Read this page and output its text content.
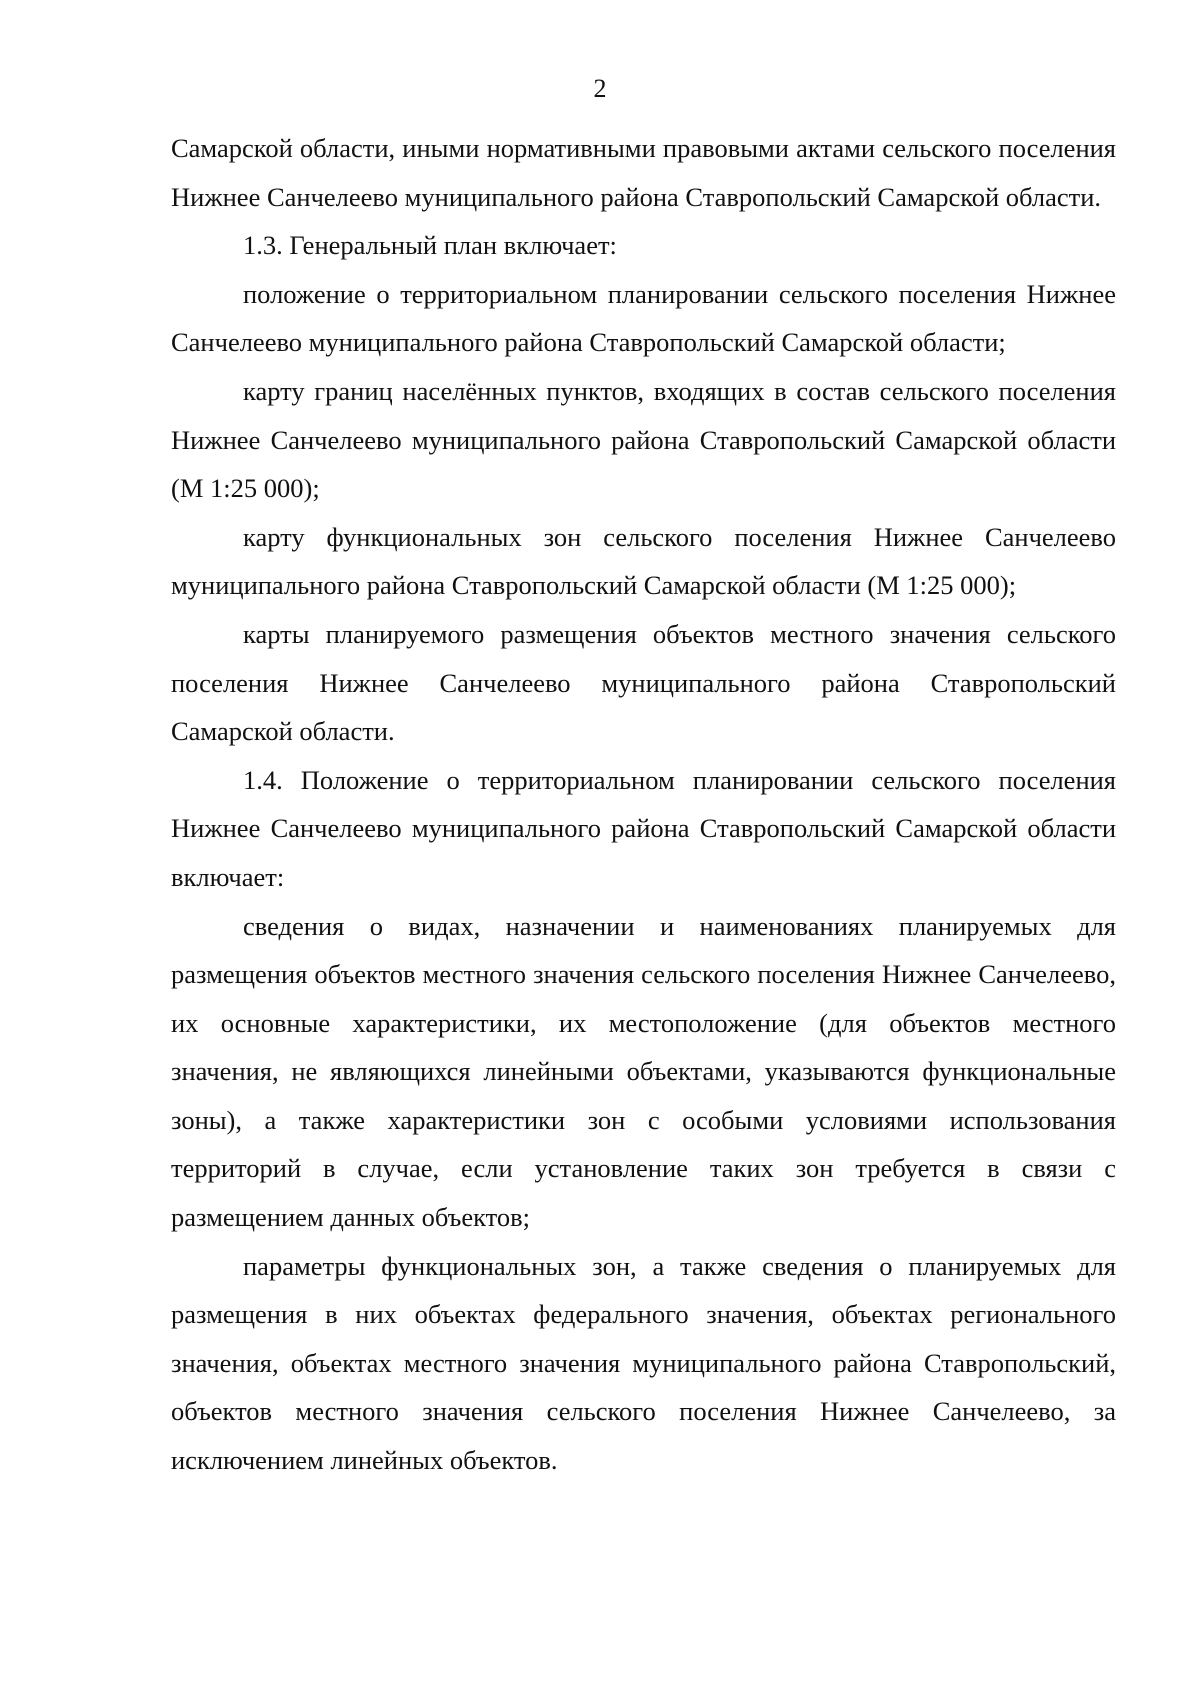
2

Самарской области, иными нормативными правовыми актами сельского поселения Нижнее Санчелеево муниципального района Ставропольский Самарской области.

1.3. Генеральный план включает:

положение о территориальном планировании сельского поселения Нижнее Санчелеево муниципального района Ставропольский Самарской области;

карту границ населённых пунктов, входящих в состав сельского поселения Нижнее Санчелеево муниципального района Ставропольский Самарской области (М 1:25 000);

карту функциональных зон сельского поселения Нижнее Санчелеево муниципального района Ставропольский Самарской области (М 1:25 000);

карты планируемого размещения объектов местного значения сельского поселения Нижнее Санчелеево муниципального района Ставропольский Самарской области.

1.4. Положение о территориальном планировании сельского поселения Нижнее Санчелеево муниципального района Ставропольский Самарской области включает:

сведения о видах, назначении и наименованиях планируемых для размещения объектов местного значения сельского поселения Нижнее Санчелеево, их основные характеристики, их местоположение (для объектов местного значения, не являющихся линейными объектами, указываются функциональные зоны), а также характеристики зон с особыми условиями использования территорий в случае, если установление таких зон требуется в связи с размещением данных объектов;

параметры функциональных зон, а также сведения о планируемых для размещения в них объектах федерального значения, объектах регионального значения, объектах местного значения муниципального района Ставропольский, объектов местного значения сельского поселения Нижнее Санчелеево, за исключением линейных объектов.
